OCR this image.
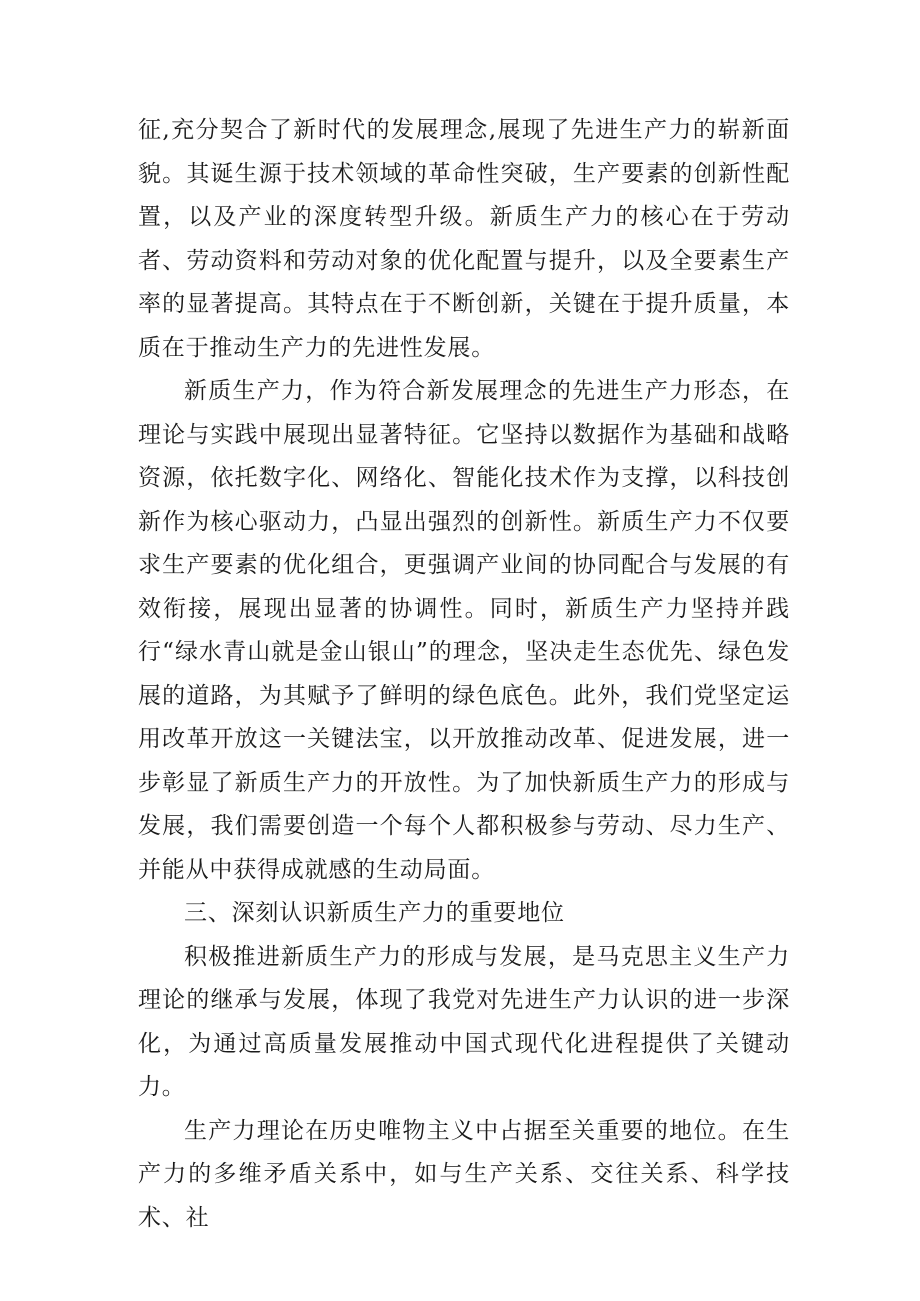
征,充分契合了新时代的发展理念,展现了先进生产力的崭新面貌。其诞生源于技术领域的革命性突破，生产要素的创新性配置，以及产业的深度转型升级。新质生产力的核心在于劳动者、劳动资料和劳动对象的优化配置与提升，以及全要素生产率的显著提高。其特点在于不断创新，关键在于提升质量，本质在于推动生产力的先进性发展。

新质生产力，作为符合新发展理念的先进生产力形态，在理论与实践中展现出显著特征。它坚持以数据作为基础和战略资源，依托数字化、网络化、智能化技术作为支撑，以科技创新作为核心驱动力，凸显出强烈的创新性。新质生产力不仅要求生产要素的优化组合，更强调产业间的协同配合与发展的有效衔接，展现出显著的协调性。同时，新质生产力坚持并践行“绿水青山就是金山银山”的理念，坚决走生态优先、绿色发展的道路，为其赋予了鲜明的绿色底色。此外，我们党坚定运用改革开放这一关键法宝，以开放推动改革、促进发展，进一步彰显了新质生产力的开放性。为了加快新质生产力的形成与发展，我们需要创造一个每个人都积极参与劳动、尽力生产、并能从中获得成就感的生动局面。

三、深刻认识新质生产力的重要地位

积极推进新质生产力的形成与发展，是马克思主义生产力理论的继承与发展，体现了我党对先进生产力认识的进一步深化，为通过高质量发展推动中国式现代化进程提供了关键动力。

生产力理论在历史唯物主义中占据至关重要的地位。在生产力的多维矛盾关系中，如与生产关系、交往关系、科学技术、社
